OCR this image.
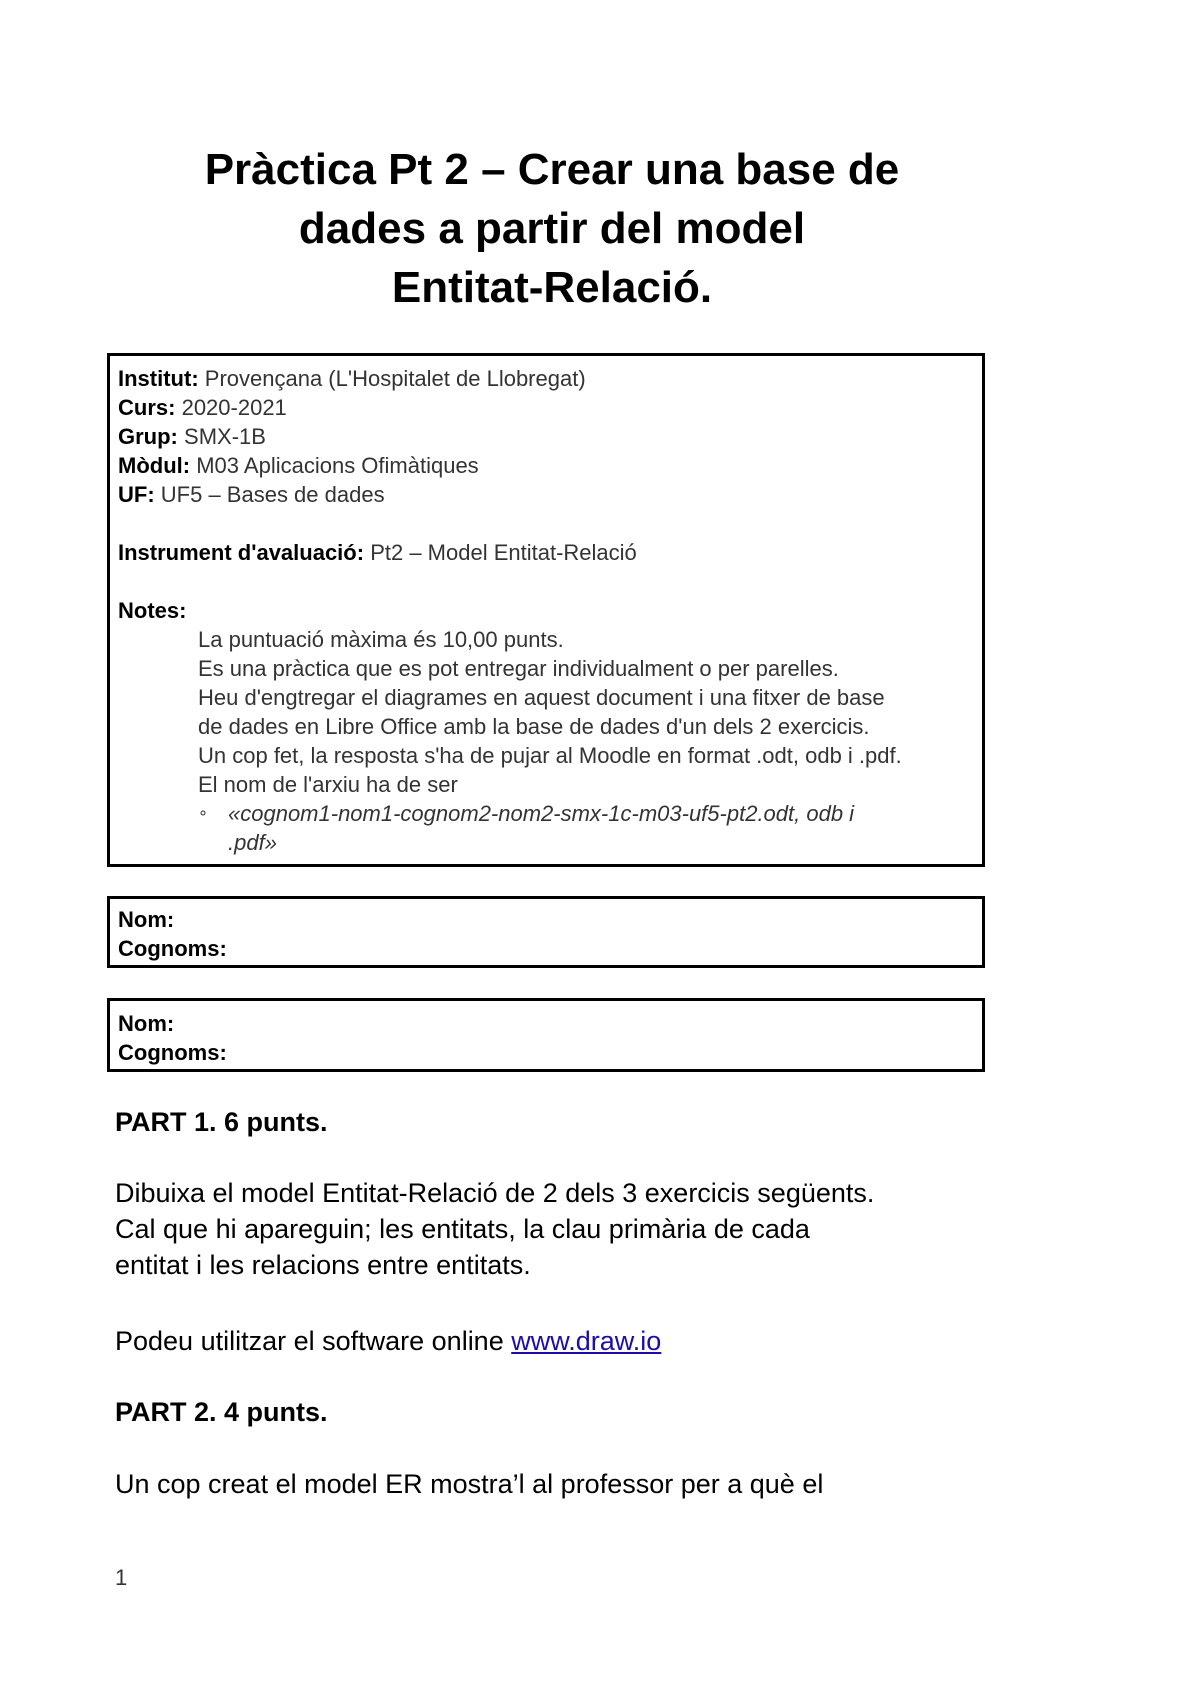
Pràctica Pt 2 – Crear una base de
dades a partir del model
Entitat-Relació.
Institut: Provençana (L'Hospitalet de Llobregat)
Curs: 2020-2021
Grup: SMX-1B
Mòdul: M03 Aplicacions Ofimàtiques
UF: UF5 – Bases de dades
Instrument d'avaluació: Pt2 – Model Entitat-Relació
Notes:
La puntuació màxima és 10,00 punts.
Es una pràctica que es pot entregar individualment o per parelles.
Heu d'engtregar el diagrames en aquest document i una fitxer de base
de dades en Libre Office amb la base de dades d'un dels 2 exercicis.
Un cop fet, la resposta s'ha de pujar al Moodle en format .odt, odb i .pdf.
El nom de l'arxiu ha de ser
∘ «cognom1-nom1-cognom2-nom2-smx-1c-m03-uf5-pt2.odt, odb i
.pdf»
Nom:
Cognoms:
Nom:
Cognoms:
PART 1. 6 punts.

Dibuixa el model Entitat-Relació de 2 dels 3 exercicis següents.
Cal que hi apareguin; les entitats, la clau primària de cada
entitat i les relacions entre entitats.

Podeu utilitzar el software online www.draw.io

PART 2. 4 punts.

Un cop creat el model ER mostra’l al professor per a què el

1
